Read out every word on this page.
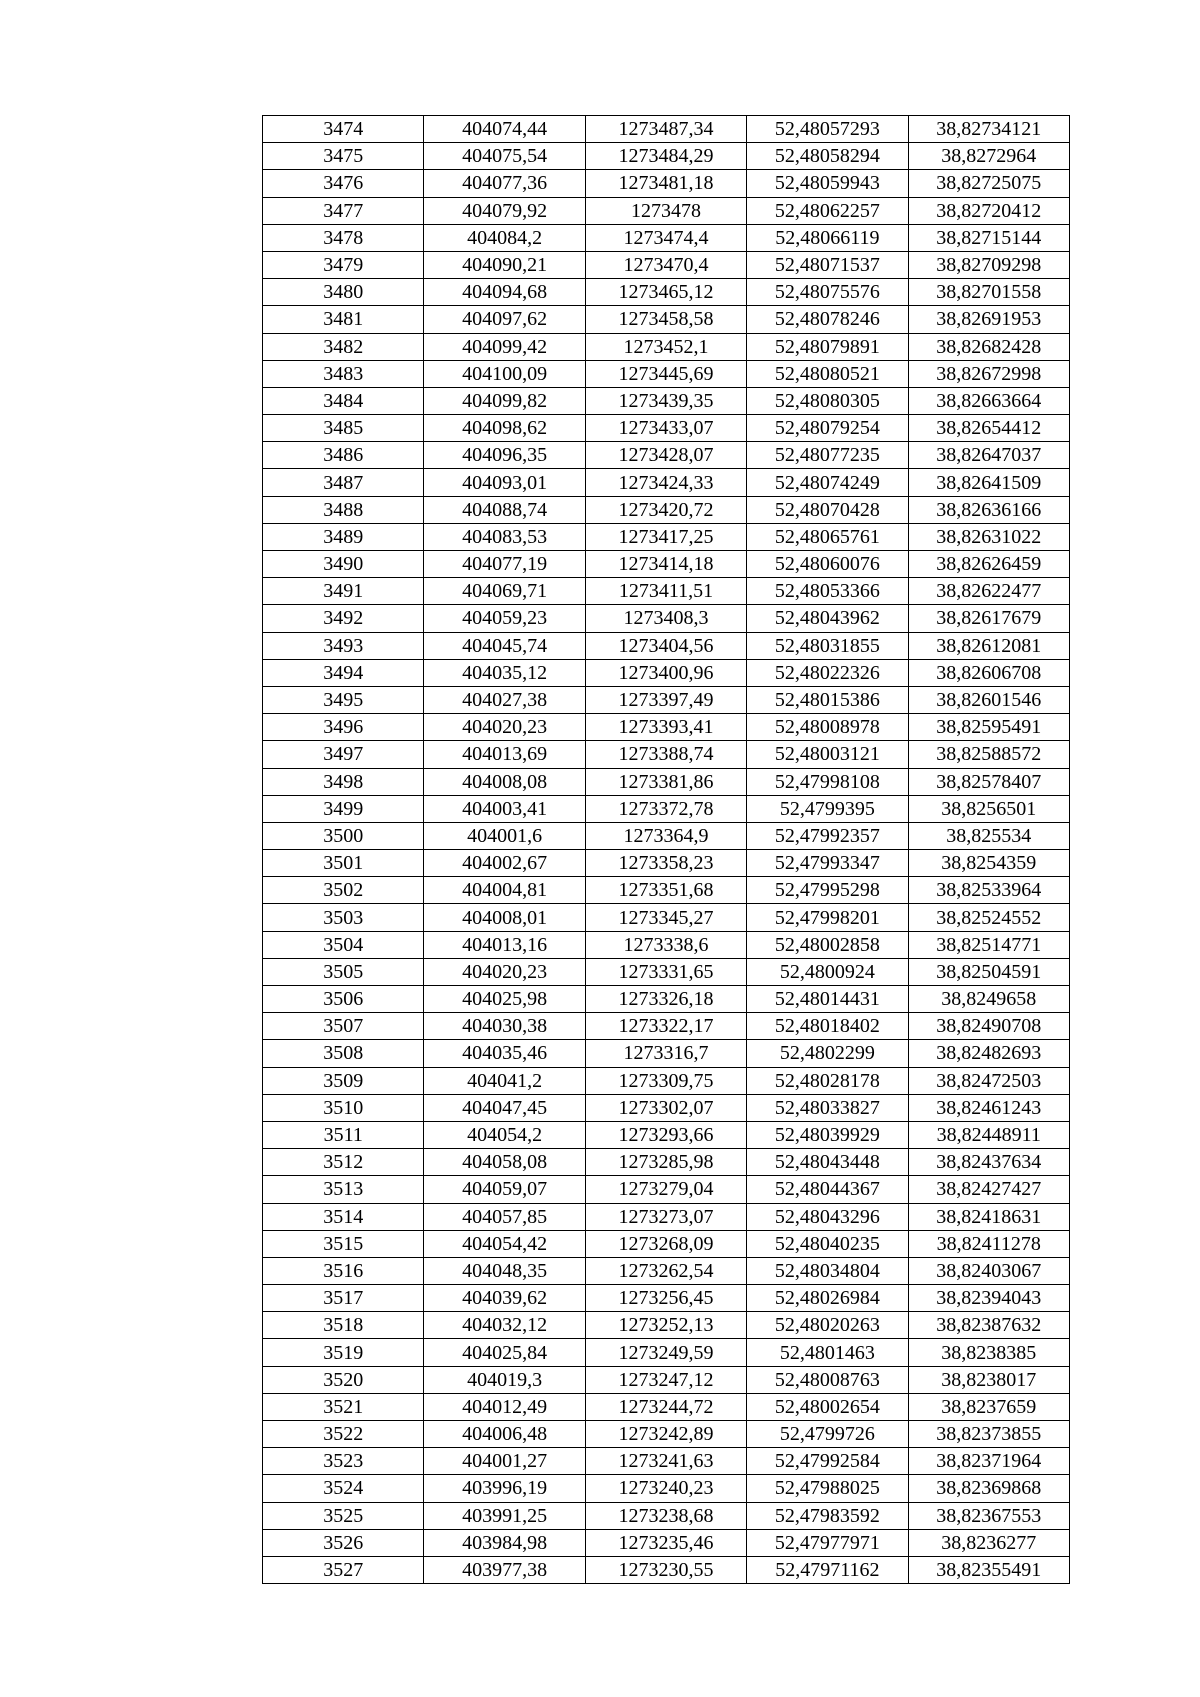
3474	404074,44	1273487,34	52,48057293	38,82734121
3475	404075,54	1273484,29	52,48058294	38,8272964
3476	404077,36	1273481,18	52,48059943	38,82725075
3477	404079,92	1273478	52,48062257	38,82720412
3478	404084,2	1273474,4	52,48066119	38,82715144
3479	404090,21	1273470,4	52,48071537	38,82709298
3480	404094,68	1273465,12	52,48075576	38,82701558
3481	404097,62	1273458,58	52,48078246	38,82691953
3482	404099,42	1273452,1	52,48079891	38,82682428
3483	404100,09	1273445,69	52,48080521	38,82672998
3484	404099,82	1273439,35	52,48080305	38,82663664
3485	404098,62	1273433,07	52,48079254	38,82654412
3486	404096,35	1273428,07	52,48077235	38,82647037
3487	404093,01	1273424,33	52,48074249	38,82641509
3488	404088,74	1273420,72	52,48070428	38,82636166
3489	404083,53	1273417,25	52,48065761	38,82631022
3490	404077,19	1273414,18	52,48060076	38,82626459
3491	404069,71	1273411,51	52,48053366	38,82622477
3492	404059,23	1273408,3	52,48043962	38,82617679
3493	404045,74	1273404,56	52,48031855	38,82612081
3494	404035,12	1273400,96	52,48022326	38,82606708
3495	404027,38	1273397,49	52,48015386	38,82601546
3496	404020,23	1273393,41	52,48008978	38,82595491
3497	404013,69	1273388,74	52,48003121	38,82588572
3498	404008,08	1273381,86	52,47998108	38,82578407
3499	404003,41	1273372,78	52,4799395	38,8256501
3500	404001,6	1273364,9	52,47992357	38,825534
3501	404002,67	1273358,23	52,47993347	38,8254359
3502	404004,81	1273351,68	52,47995298	38,82533964
3503	404008,01	1273345,27	52,47998201	38,82524552
3504	404013,16	1273338,6	52,48002858	38,82514771
3505	404020,23	1273331,65	52,4800924	38,82504591
3506	404025,98	1273326,18	52,48014431	38,8249658
3507	404030,38	1273322,17	52,48018402	38,82490708
3508	404035,46	1273316,7	52,4802299	38,82482693
3509	404041,2	1273309,75	52,48028178	38,82472503
3510	404047,45	1273302,07	52,48033827	38,82461243
3511	404054,2	1273293,66	52,48039929	38,82448911
3512	404058,08	1273285,98	52,48043448	38,82437634
3513	404059,07	1273279,04	52,48044367	38,82427427
3514	404057,85	1273273,07	52,48043296	38,82418631
3515	404054,42	1273268,09	52,48040235	38,82411278
3516	404048,35	1273262,54	52,48034804	38,82403067
3517	404039,62	1273256,45	52,48026984	38,82394043
3518	404032,12	1273252,13	52,48020263	38,82387632
3519	404025,84	1273249,59	52,4801463	38,8238385
3520	404019,3	1273247,12	52,48008763	38,8238017
3521	404012,49	1273244,72	52,48002654	38,8237659
3522	404006,48	1273242,89	52,4799726	38,82373855
3523	404001,27	1273241,63	52,47992584	38,82371964
3524	403996,19	1273240,23	52,47988025	38,82369868
3525	403991,25	1273238,68	52,47983592	38,82367553
3526	403984,98	1273235,46	52,47977971	38,8236277
3527	403977,38	1273230,55	52,47971162	38,82355491
